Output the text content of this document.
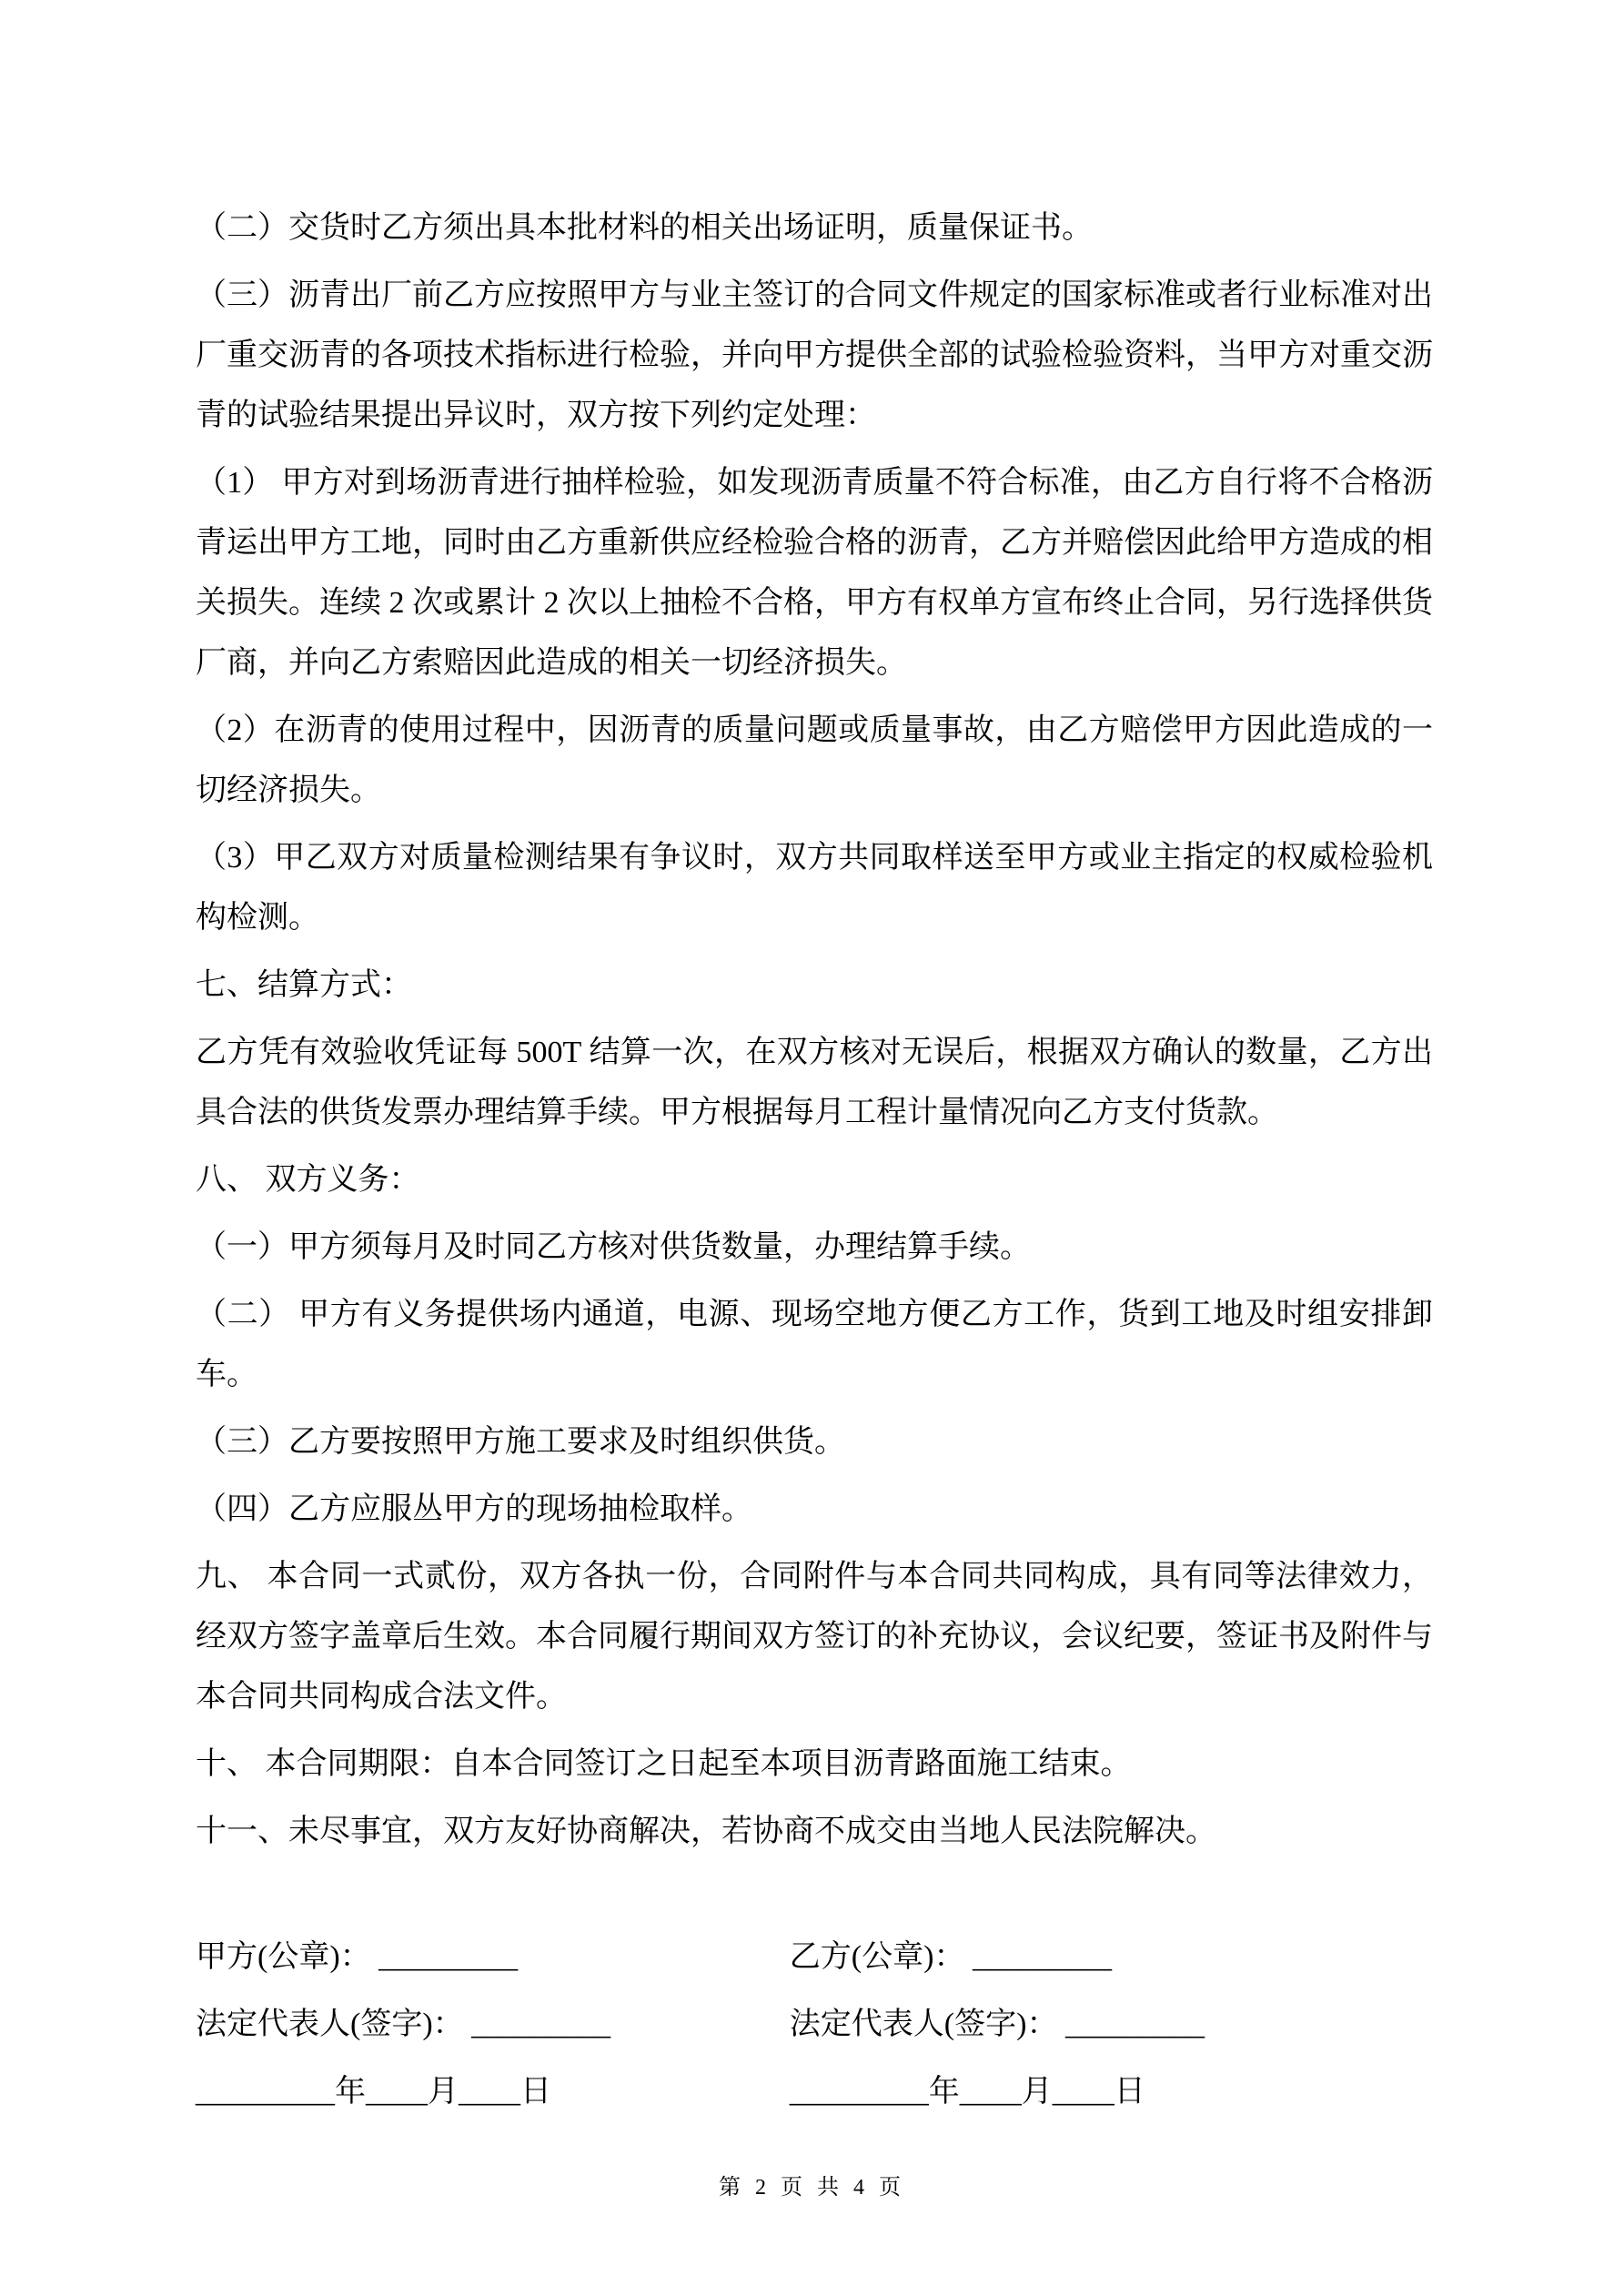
（二）交货时乙方须出具本批材料的相关出场证明，质量保证书。

（三）沥青出厂前乙方应按照甲方与业主签订的合同文件规定的国家标准或者行业标准对出厂重交沥青的各项技术指标进行检验，并向甲方提供全部的试验检验资料，当甲方对重交沥青的试验结果提出异议时，双方按下列约定处理：

（1） 甲方对到场沥青进行抽样检验，如发现沥青质量不符合标准，由乙方自行将不合格沥青运出甲方工地，同时由乙方重新供应经检验合格的沥青，乙方并赔偿因此给甲方造成的相关损失。连续 2 次或累计 2 次以上抽检不合格，甲方有权单方宣布终止合同，另行选择供货厂商，并向乙方索赔因此造成的相关一切经济损失。

（2）在沥青的使用过程中，因沥青的质量问题或质量事故，由乙方赔偿甲方因此造成的一切经济损失。

（3）甲乙双方对质量检测结果有争议时，双方共同取样送至甲方或业主指定的权威检验机构检测。

七、结算方式：

乙方凭有效验收凭证每 500T 结算一次，在双方核对无误后，根据双方确认的数量，乙方出具合法的供货发票办理结算手续。甲方根据每月工程计量情况向乙方支付货款。

八、 双方义务：

（一）甲方须每月及时同乙方核对供货数量，办理结算手续。

（二） 甲方有义务提供场内通道，电源、现场空地方便乙方工作，货到工地及时组安排卸车。

（三）乙方要按照甲方施工要求及时组织供货。

（四）乙方应服丛甲方的现场抽检取样。

九、 本合同一式贰份，双方各执一份，合同附件与本合同共同构成，具有同等法律效力，经双方签字盖章后生效。本合同履行期间双方签订的补充协议，会议纪要，签证书及附件与本合同共同构成合法文件。

十、 本合同期限：自本合同签订之日起至本项目沥青路面施工结束。

十一、未尽事宜，双方友好协商解决，若协商不成交由当地人民法院解决。

甲方(公章)： _________	乙方(公章)： _________
法定代表人(签字)： _________	法定代表人(签字)： _________
_________年____月____日	_________年____月____日
第 2 页 共 4 页
